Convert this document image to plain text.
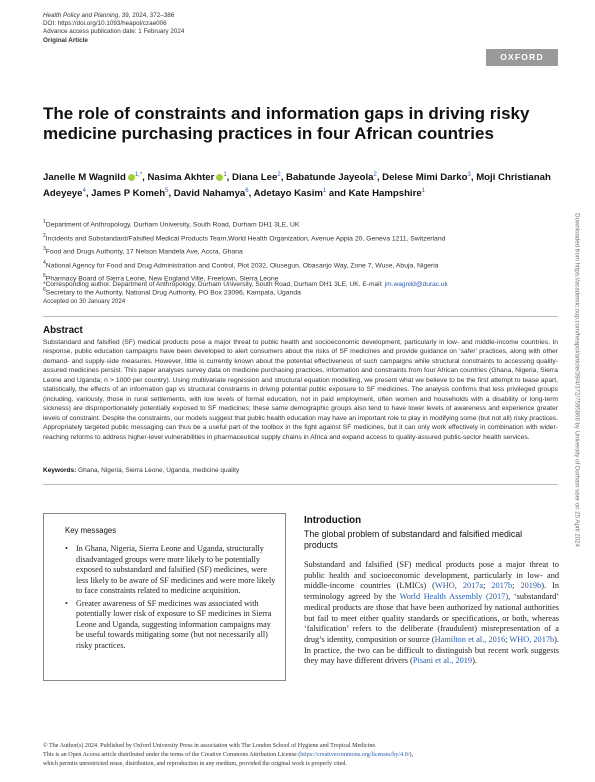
Health Policy and Planning, 39, 2024, 372–386
DOI: https://doi.org/10.1093/heapol/czae006
Advance access publication date: 1 February 2024
Original Article
OXFORD
The role of constraints and information gaps in driving risky medicine purchasing practices in four African countries
Janelle M Wagnild $^{1,*}$, Nasima Akhter $^1$, Diana Lee$^2$, Babatunde Jayeola$^2$, Delese Mimi Darko$^3$, Moji Christianah Adeyeye$^4$, James P Komeh$^5$, David Nahamya$^6$, Adetayo Kasim$^1$ and Kate Hampshire$^1$
$^1$Department of Anthropology, Durham University, South Road, Durham DH1 3LE, UK
$^2$Incidents and Substandard/Falsified Medical Products Team,World Health Organization, Avenue Appia 20, Geneva 1211, Switzerland
$^3$Food and Drugs Authority, 17 Nelson Mandela Ave, Accra, Ghana
$^4$National Agency for Food and Drug Administration and Control, Plot 2032, Olusegun, Obasanjo Way, Zone 7, Wuse, Abuja, Nigeria
$^5$Pharmacy Board of Sierra Leone, New England Ville, Freetown, Sierra Leone
$^6$Secretary to the Authority, National Drug Authority, PO Box 23096, Kampala, Uganda
*Corresponding author. Department of Anthropology, Durham University, South Road, Durham DH1 3LE, UK. E-mail: jm.wagnild@durac.uk
Accepted on 30 January 2024
Abstract
Substandard and falsified (SF) medical products pose a major threat to public health and socioeconomic development, particularly in low- and middle-income countries. In response, public education campaigns have been developed to alert consumers about the risks of SF medicines and provide guidance on ‘safer’ practices, along with other demand- and supply-side measures. However, little is currently known about the potential effectiveness of such campaigns while structural constraints to accessing quality-assured medicines persist. This paper analyses survey data on medicine purchasing practices, information and constraints from four African countries (Ghana, Nigeria, Sierra Leone and Uganda; n > 1000 per country). Using multivariate regression and structural equation modelling, we present what we believe to be the first attempt to tease apart, statistically, the effects of an information gap vs structural constraints in driving potential public exposure to SF medicines. The analysis confirms that less privileged groups (including, variously, those in rural settlements, with low levels of formal education, not in paid employment, often women and households with a disability or long-term sickness) are disproportionately potentially exposed to SF medicines; these same demographic groups also tend to have lower levels of awareness and experience greater levels of constraint. Despite the constraints, our models suggest that public health education may have an important role to play in modifying some (but not all) risky practices. Appropriately targeted public messaging can thus be a useful part of the toolbox in the fight against SF medicines, but it can only work effectively in combination with wider-reaching reforms to address higher-level vulnerabilities in pharmaceutical supply chains in Africa and expand access to quality-assured public-sector health services.
Keywords: Ghana, Nigeria, Sierra Leone, Uganda, medicine quality
Key messages
• In Ghana, Nigeria, Sierra Leone and Uganda, structurally disadvantaged groups were more likely to be potentially exposed to substandard and falsified (SF) medicines, were less likely to be aware of SF medicines and were more likely to face constraints related to medicine acquisition.
• Greater awareness of SF medicines was associated with potentially lower risk of exposure to SF medicines in Sierra Leone and Uganda, suggesting information campaigns may be useful towards mitigating some (but not necessarily all) risky practices.
Introduction
The global problem of substandard and falsified medical products
Substandard and falsified (SF) medical products pose a major threat to public health and socioeconomic development, particularly in low- and middle-income countries (LMICs) (WHO, 2017a; 2017b; 2019b). In terminology agreed by the World Health Assembly (2017), ‘substandard’ medical products are those that have been authorized by national authorities but fail to meet either quality standards or specifications, or both, whereas ‘falsification’ refers to the deliberate (fraudulent) misrepresentation of a drug’s identity, composition or source (Hamilton et al., 2016; WHO, 2017b). In practice, the two can be difficult to distinguish but recent work suggests they may have different drivers (Pisani et al., 2019).
© The Author(s) 2024. Published by Oxford University Press in association with The London School of Hygiene and Tropical Medicine.
This is an Open Access article distributed under the terms of the Creative Commons Attribution License (https://creativecommons.org/licenses/by/4.0/),
which permits unrestricted reuse, distribution, and reproduction in any medium, provided the original work is properly cited.
Downloaded from https://academic.oup.com/heapol/article/39/4/372/7595868 by University of Durham user on 25 April 2024
